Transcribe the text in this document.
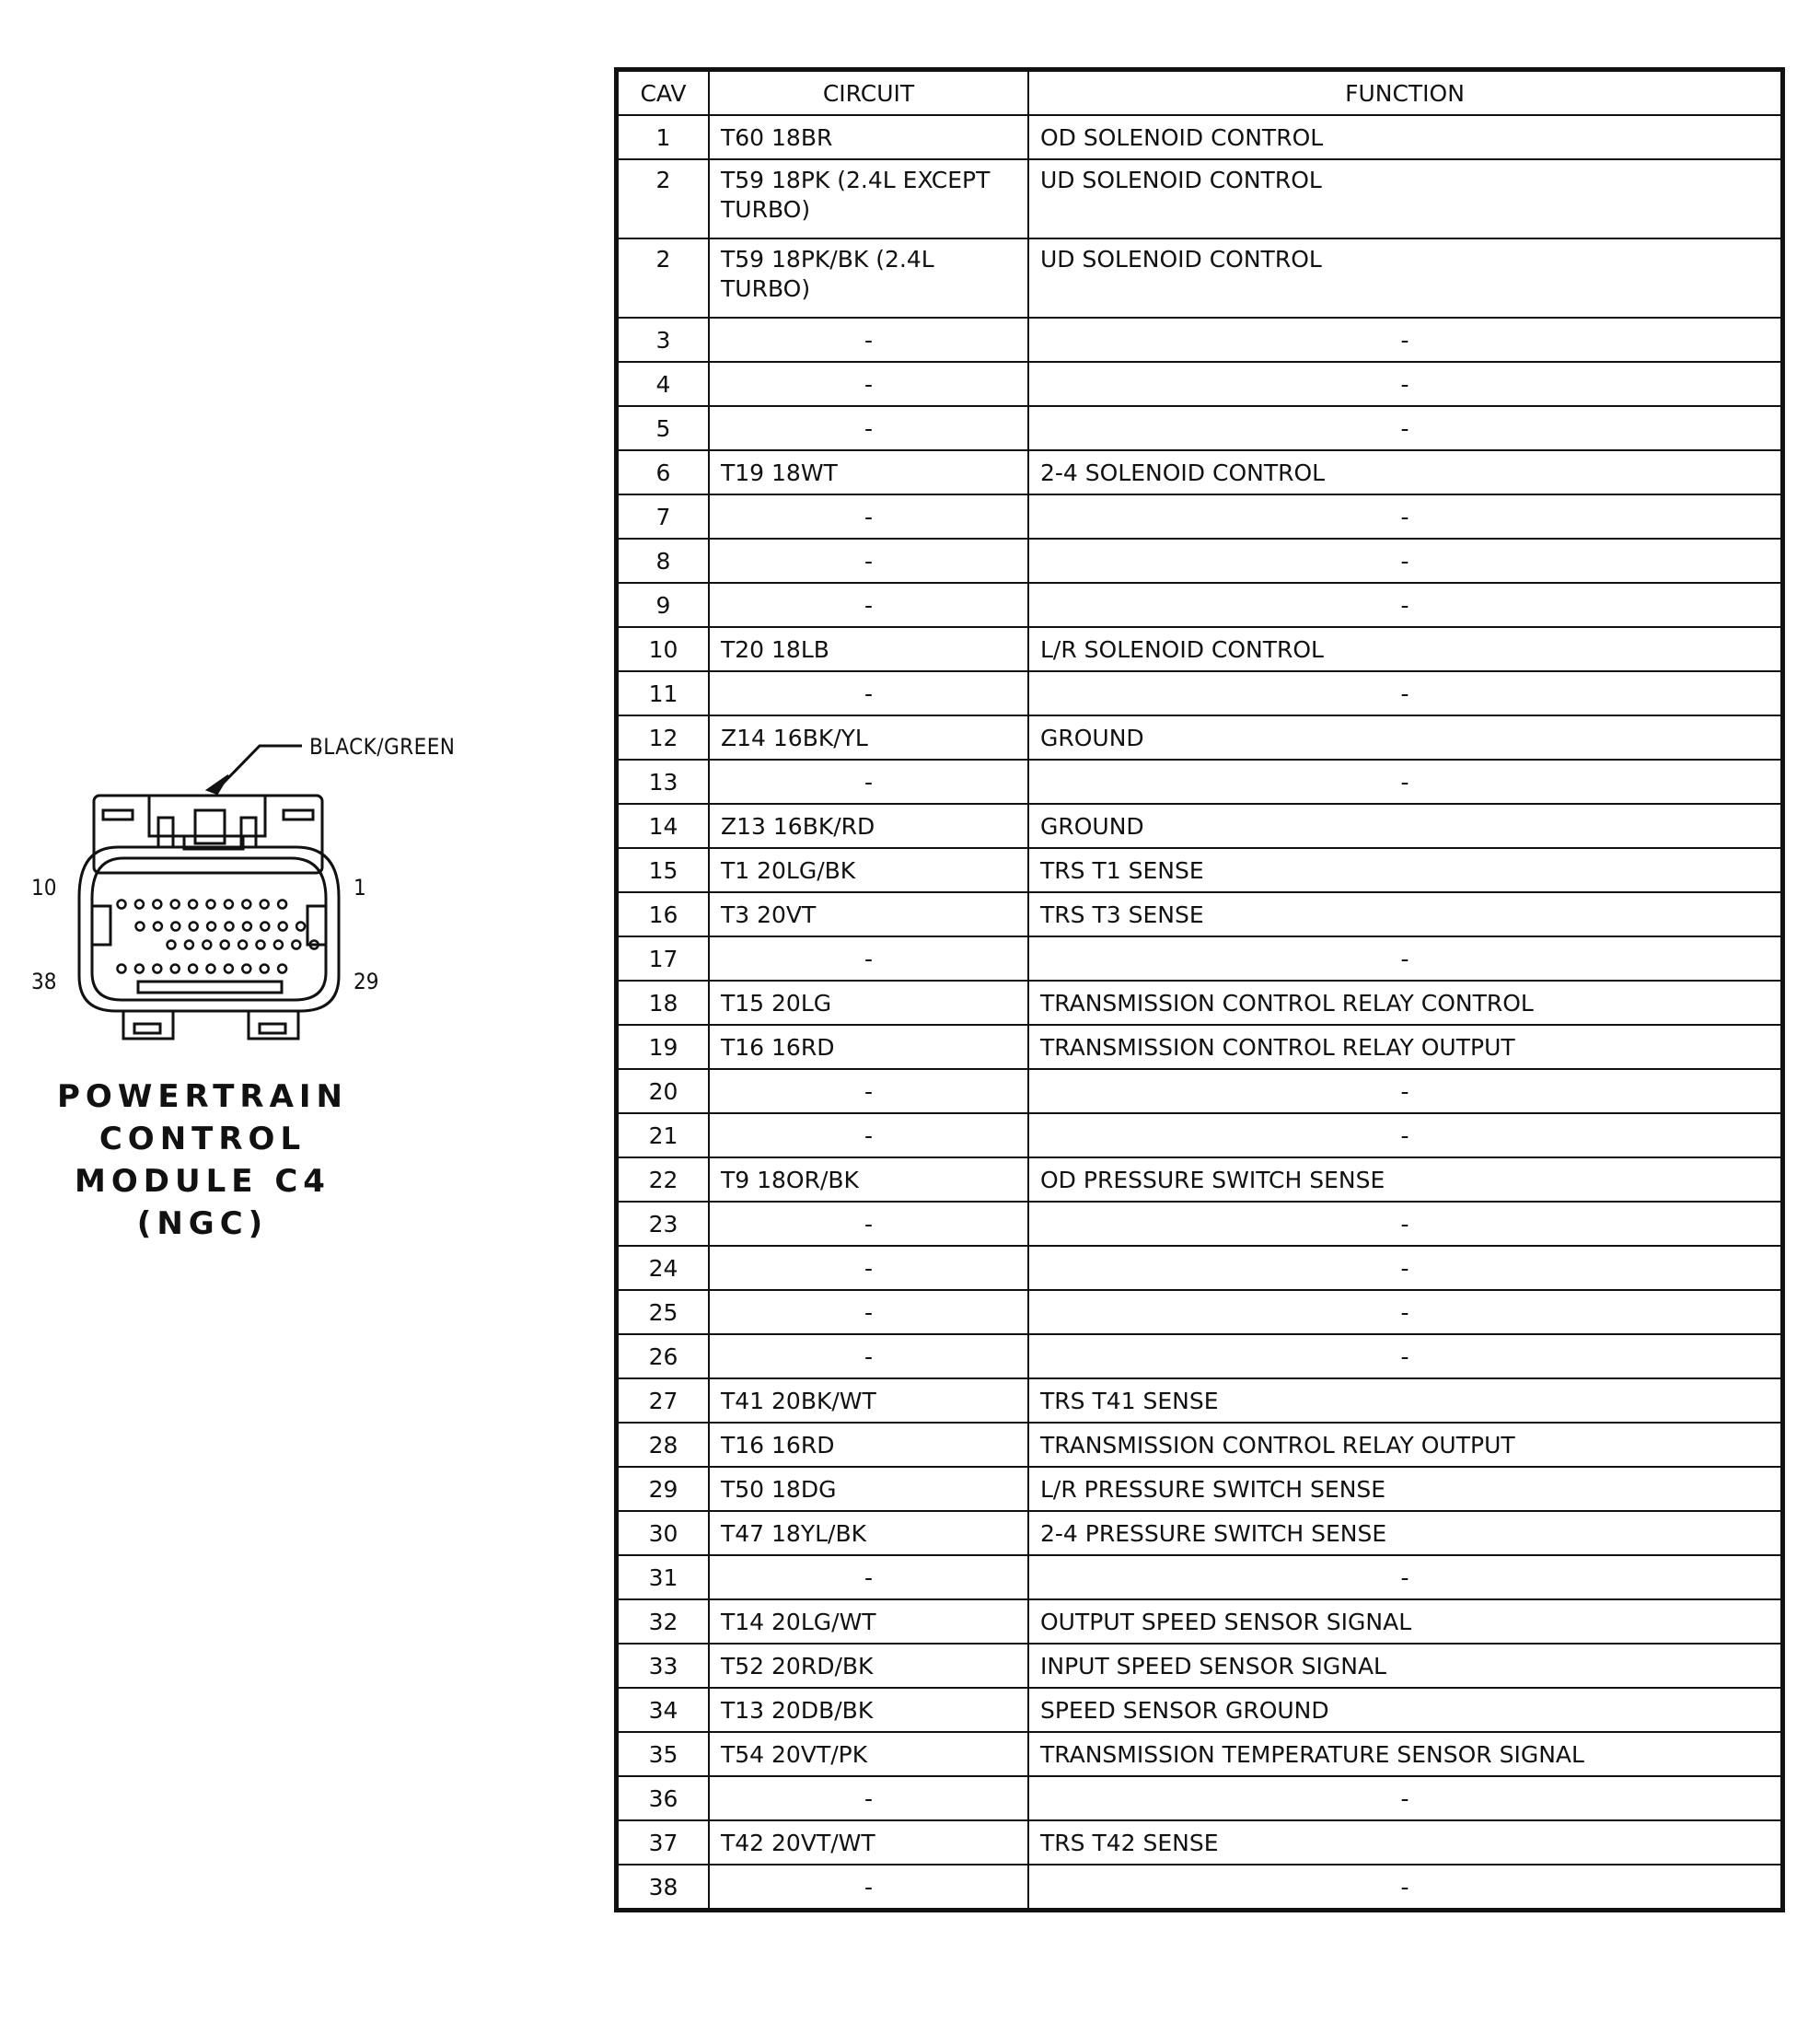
BLACK/GREEN
10	1
38	29
POWERTRAIN
CONTROL
MODULE C4
(NGC)
CAV	CIRCUIT	FUNCTION
1	T60 18BR	OD SOLENOID CONTROL
2	T59 18PK (2.4L EXCEPT TURBO)	UD SOLENOID CONTROL
2	T59 18PK/BK (2.4L TURBO)	UD SOLENOID CONTROL
3	-	-
4	-	-
5	-	-
6	T19 18WT	2-4 SOLENOID CONTROL
7	-	-
8	-	-
9	-	-
10	T20 18LB	L/R SOLENOID CONTROL
11	-	-
12	Z14 16BK/YL	GROUND
13	-	-
14	Z13 16BK/RD	GROUND
15	T1 20LG/BK	TRS T1 SENSE
16	T3 20VT	TRS T3 SENSE
17	-	-
18	T15 20LG	TRANSMISSION CONTROL RELAY CONTROL
19	T16 16RD	TRANSMISSION CONTROL RELAY OUTPUT
20	-	-
21	-	-
22	T9 18OR/BK	OD PRESSURE SWITCH SENSE
23	-	-
24	-	-
25	-	-
26	-	-
27	T41 20BK/WT	TRS T41 SENSE
28	T16 16RD	TRANSMISSION CONTROL RELAY OUTPUT
29	T50 18DG	L/R PRESSURE SWITCH SENSE
30	T47 18YL/BK	2-4 PRESSURE SWITCH SENSE
31	-	-
32	T14 20LG/WT	OUTPUT SPEED SENSOR SIGNAL
33	T52 20RD/BK	INPUT SPEED SENSOR SIGNAL
34	T13 20DB/BK	SPEED SENSOR GROUND
35	T54 20VT/PK	TRANSMISSION TEMPERATURE SENSOR SIGNAL
36	-	-
37	T42 20VT/WT	TRS T42 SENSE
38	-	-
